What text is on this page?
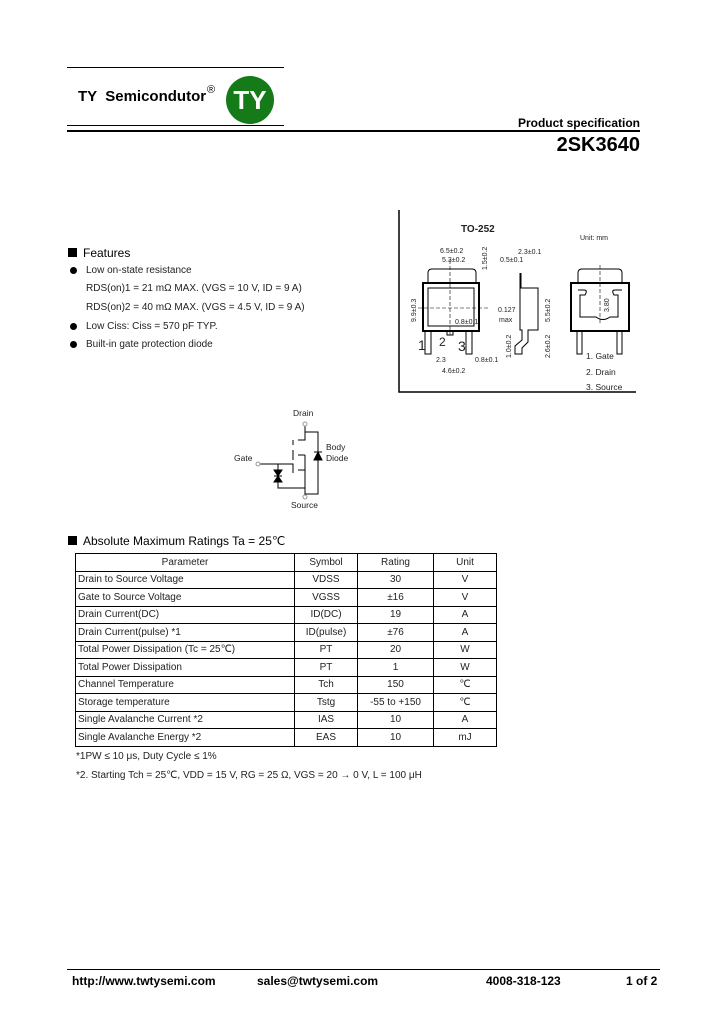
TY  Semicondutor ® TY
Product specification
2SK3640
Features
Low on-state resistance
RDS(on)1 = 21 mΩ MAX. (VGS = 10 V, ID = 9 A)
RDS(on)2 = 40 mΩ MAX. (VGS = 4.5 V, ID = 9 A)
Low Ciss: Ciss = 570 pF TYP.
Built-in gate protection diode
TO-252
Unit: mm
6.5±0.2
5.3±0.2 1.5±0.2	2.3±0.1
0.5±0.1
9.9±0.3
0.8±0.1
2.3
4.6±0.2
0.8±0.1
5.5±0.2	3.80
2.6±0.2
1.0±0.2
0.127
max
1 2 3
1. Gate
2. Drain
3. Source
Drain
Gate
Source
Body
Diode
Absolute Maximum Ratings Ta = 25℃
Parameter	Symbol	Rating	Unit
Drain to Source Voltage	VDSS	30	V
Gate to Source Voltage	VGSS	±16	V
Drain Current(DC)	ID(DC)	19	A
Drain Current(pulse) *1	ID(pulse)	±76	A
Total Power Dissipation (Tc = 25℃)	PT	20	W
Total Power Dissipation	PT	1	W
Channel Temperature	Tch	150	℃
Storage temperature	Tstg	-55 to +150	℃
Single Avalanche Current *2	IAS	10	A
Single Avalanche Energy *2	EAS	10	mJ
*1PW ≤ 10 μs, Duty Cycle ≤ 1%
*2. Starting Tch = 25℃, VDD = 15 V, RG = 25 Ω, VGS = 20 → 0 V, L = 100 μH
http://www.twtysemi.com	sales@twtysemi.com	4008-318-123	1 of 2
